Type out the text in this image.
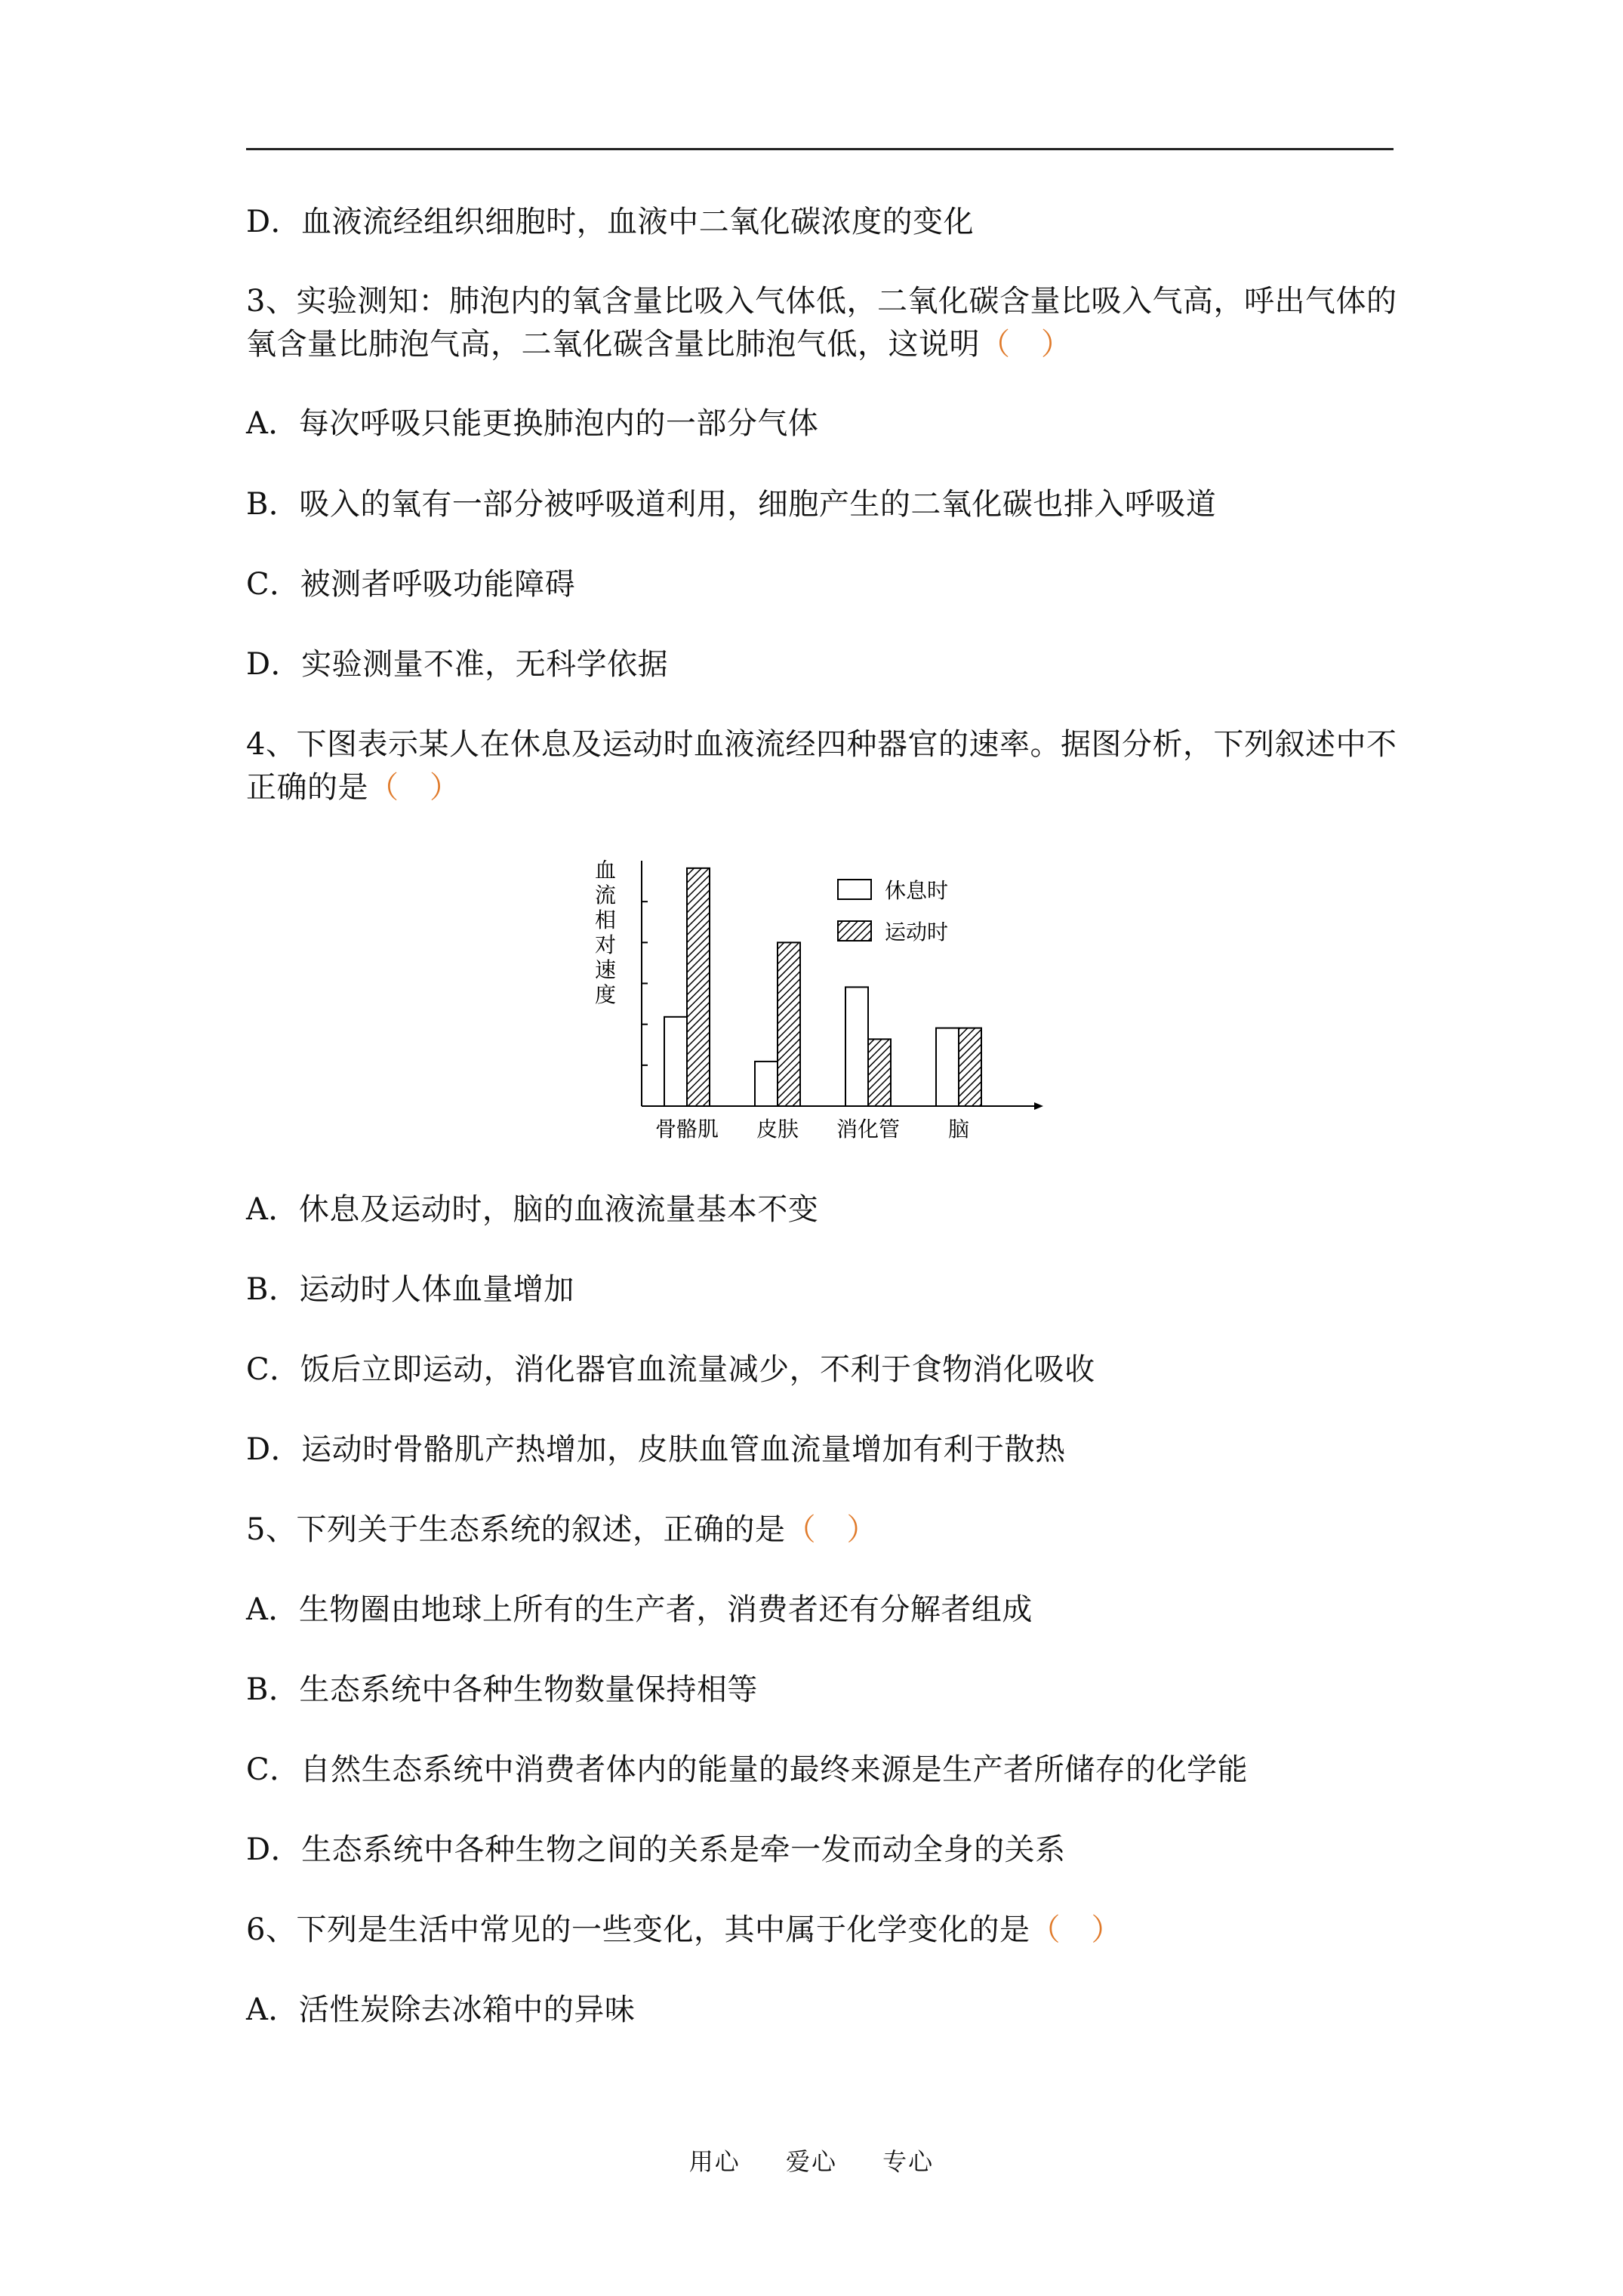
D．血液流经组织细胞时，血液中二氧化碳浓度的变化
3、实验测知：肺泡内的氧含量比吸入气体低，二氧化碳含量比吸入气高，呼出气体的
氧含量比肺泡气高，二氧化碳含量比肺泡气低，这说明（　）
A．每次呼吸只能更换肺泡内的一部分气体
B．吸入的氧有一部分被呼吸道利用，细胞产生的二氧化碳也排入呼吸道
C．被测者呼吸功能障碍
D．实验测量不准，无科学依据
4、下图表示某人在休息及运动时血液流经四种器官的速率。据图分析，下列叙述中不
正确的是（　）
A．休息及运动时，脑的血液流量基本不变
B．运动时人体血量增加
C．饭后立即运动，消化器官血流量减少，不利于食物消化吸收
D．运动时骨骼肌产热增加，皮肤血管血流量增加有利于散热
5、下列关于生态系统的叙述，正确的是（　）
A．生物圈由地球上所有的生产者，消费者还有分解者组成
B．生态系统中各种生物数量保持相等
C．自然生态系统中消费者体内的能量的最终来源是生产者所储存的化学能
D．生态系统中各种生物之间的关系是牵一发而动全身的关系
6、下列是生活中常见的一些变化，其中属于化学变化的是（　）
A．活性炭除去冰箱中的异味
血
流
相
对
速
度
骨骼肌 皮肤 消化管 脑
休息时
运动时
用心 爱心 专心
